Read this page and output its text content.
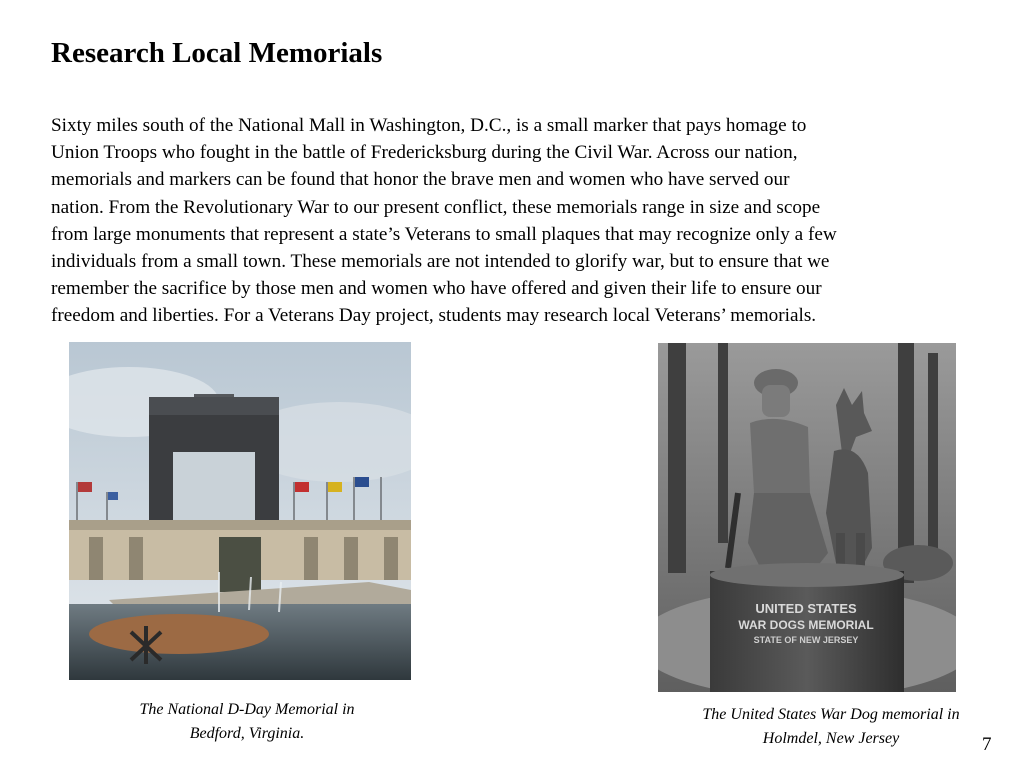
Research Local Memorials
Sixty miles south of the National Mall in Washington, D.C., is a small marker that pays homage to
Union Troops who fought in the battle of Fredericksburg during the Civil War. Across our nation,
memorials and markers can be found that honor the brave men and women who have served our
nation. From the Revolutionary War to our present conflict, these memorials range in size and scope
from large monuments that represent a state’s Veterans to small plaques that may recognize only a few
individuals from a small town. These memorials are not intended to glorify war, but to ensure that we
remember the sacrifice by those men and women who have offered and given their life to ensure our
freedom and liberties. For a Veterans Day project, students may research local Veterans’ memorials.
UNITED STATES
WAR DOGS MEMORIAL
STATE OF NEW JERSEY
The National D-Day Memorial in
Bedford, Virginia.
The United States War Dog memorial in
Holmdel, New Jersey	7
